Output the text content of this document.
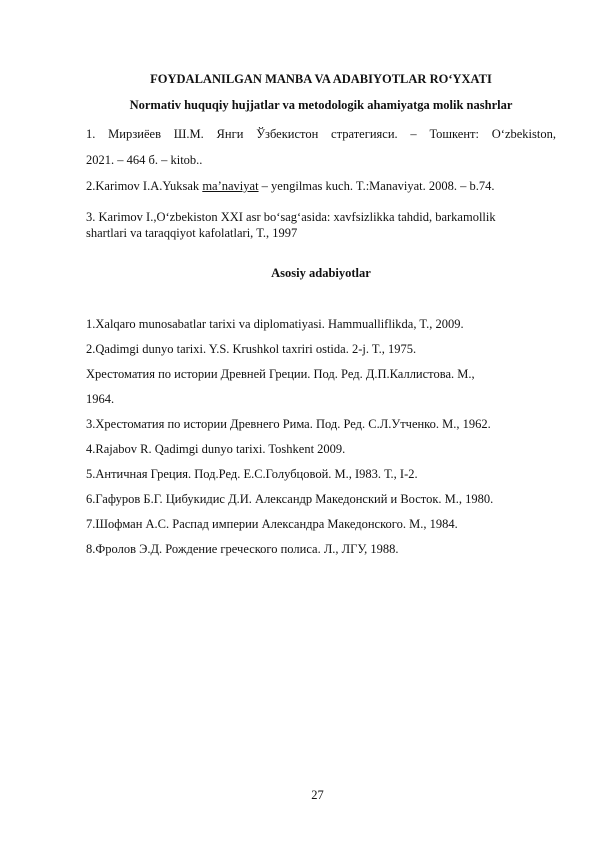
FOYDALANILGAN MANBA VA ADABIYOTLAR RO‘YXATI
Normativ huquqiy hujjatlar va metodologik ahamiyatga molik nashrlar
1. Мирзиёев Ш.М. Янги Ўзбекистон стратегияси. – Тошкент: O‘zbekiston,
2021. – 464 б. – kitob..
2.Karimov I.A.Yuksak ma’naviyat – yengilmas kuch. T.:Manaviyat. 2008. – b.74.
3. Karimov I.,O‘zbekiston XXI asr bo‘sag‘asida: xavfsizlikka tahdid, barkamollik shartlari va taraqqiyot kafolatlari, T., 1997
Asosiy adabiyotlar
1.Xalqaro munosabatlar tarixi va diplomatiyasi. Hammualliflikda, T., 2009.
2.Qadimgi dunyo tarixi. Y.S. Krushkol taxriri ostida. 2-j. T., 1975.
Хрестоматия по истории Древней Греции. Под. Ред. Д.П.Каллистова. М.,
1964.
3.Хрестоматия по истории Древнего Рима. Под. Ред. С.Л.Утченко. М., 1962.
4.Rajabov R. Qadimgi dunyo tarixi. Toshkent 2009.
5.Античная Греция. Под.Ред. Е.С.Голубцовой. М., I983. Т., I-2.
6.Гафуров Б.Г. Цибукидис Д.И. Александр Македонский и Восток. М., 1980.
7.Шофман А.С. Распад империи Александра Македонского. М., 1984.
8.Фролов Э.Д. Рождение греческого полиса. Л., ЛГУ, 1988.
27
